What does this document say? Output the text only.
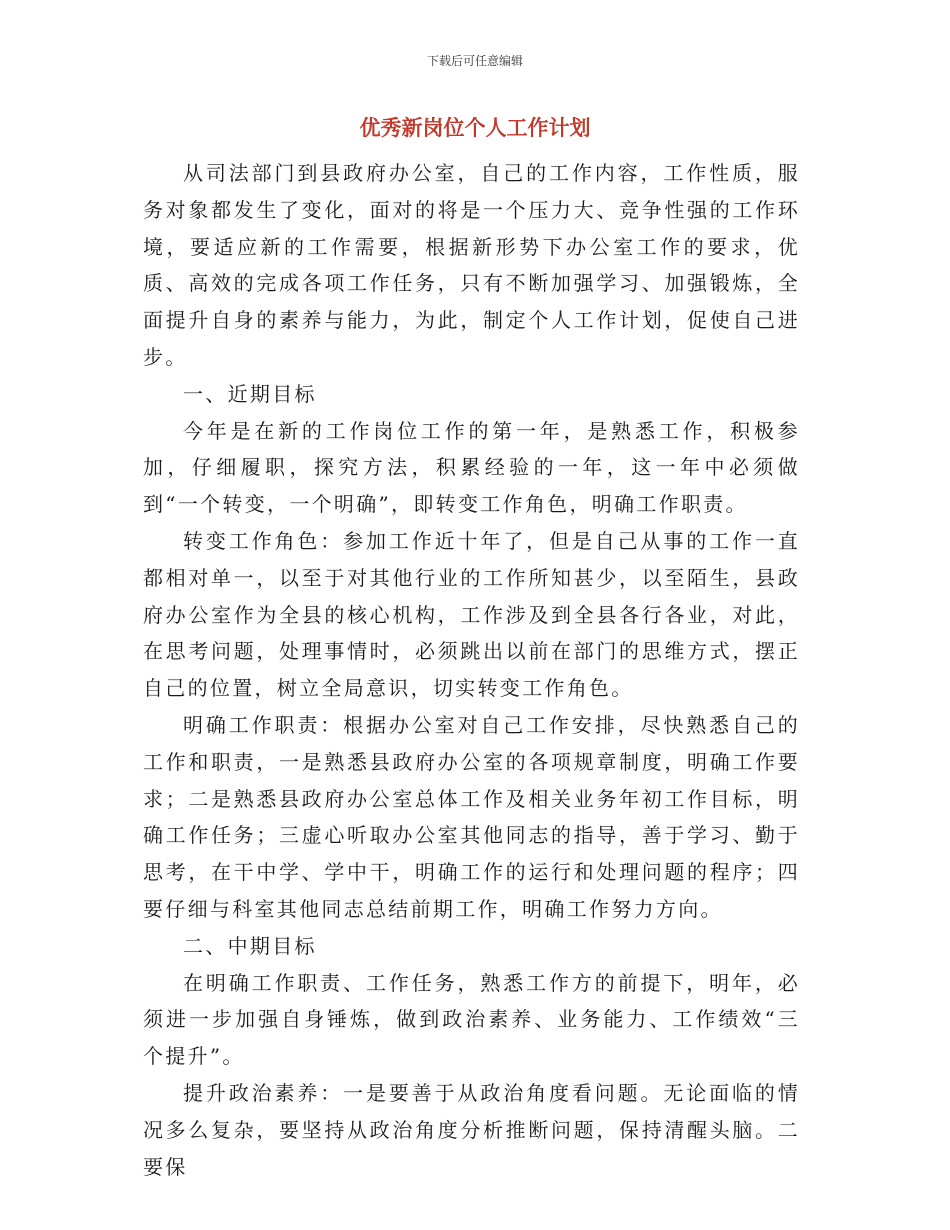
下载后可任意编辑
优秀新岗位个人工作计划

从司法部门到县政府办公室，自己的工作内容，工作性质，服务对象都发生了变化，面对的将是一个压力大、竞争性强的工作环境，要适应新的工作需要，根据新形势下办公室工作的要求，优质、高效的完成各项工作任务，只有不断加强学习、加强锻炼，全面提升自身的素养与能力，为此，制定个人工作计划，促使自己进步。

一、近期目标

今年是在新的工作岗位工作的第一年，是熟悉工作，积极参加，仔细履职，探究方法，积累经验的一年，这一年中必须做到“一个转变，一个明确”，即转变工作角色，明确工作职责。

转变工作角色：参加工作近十年了，但是自己从事的工作一直都相对单一，以至于对其他行业的工作所知甚少，以至陌生，县政府办公室作为全县的核心机构，工作涉及到全县各行各业，对此，在思考问题，处理事情时，必须跳出以前在部门的思维方式，摆正自己的位置，树立全局意识，切实转变工作角色。

明确工作职责：根据办公室对自己工作安排，尽快熟悉自己的工作和职责，一是熟悉县政府办公室的各项规章制度，明确工作要求；二是熟悉县政府办公室总体工作及相关业务年初工作目标，明确工作任务；三虚心听取办公室其他同志的指导，善于学习、勤于思考，在干中学、学中干，明确工作的运行和处理问题的程序；四要仔细与科室其他同志总结前期工作，明确工作努力方向。

二、中期目标

在明确工作职责、工作任务，熟悉工作方的前提下，明年，必须进一步加强自身锤炼，做到政治素养、业务能力、工作绩效“三个提升”。

提升政治素养：一是要善于从政治角度看问题。无论面临的情况多么复杂，要坚持从政治角度分析推断问题，保持清醒头脑。二要保
